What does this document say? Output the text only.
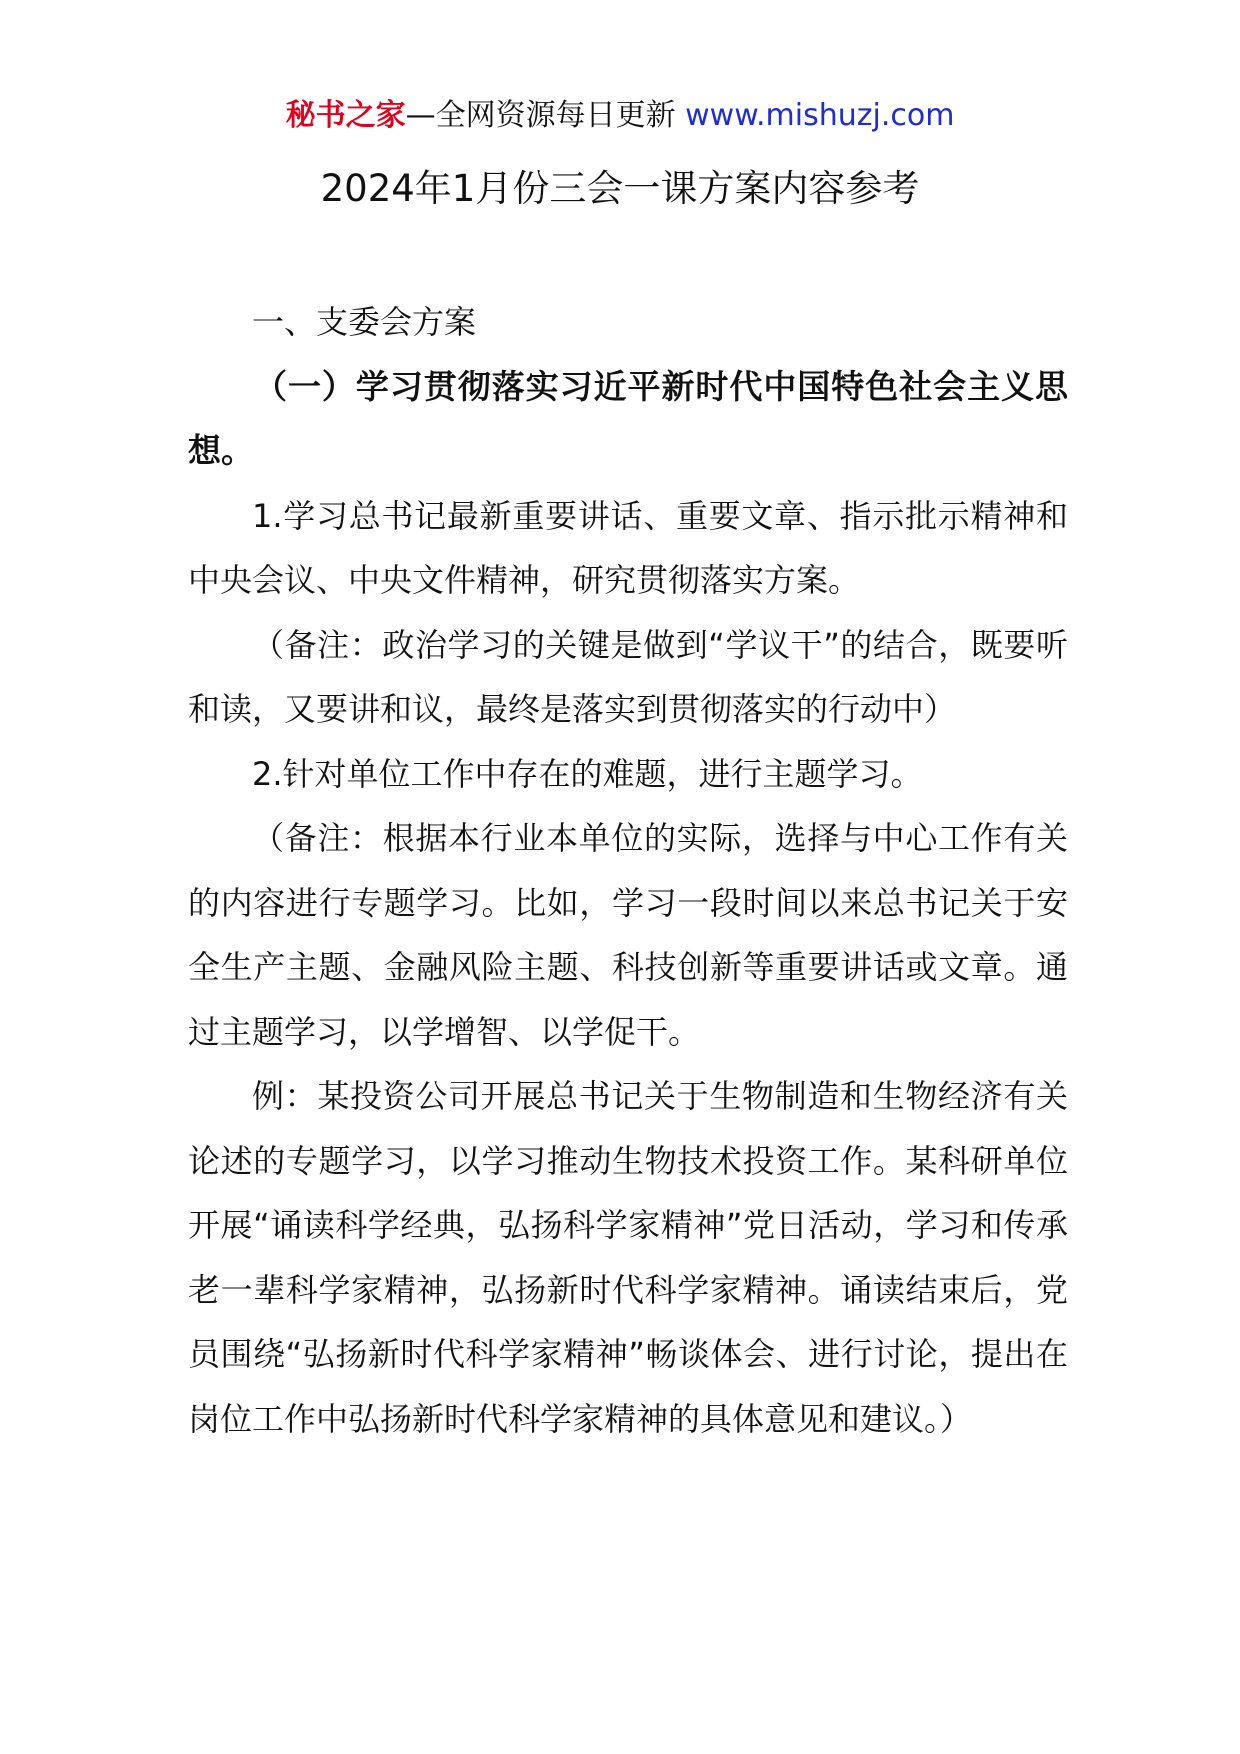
秘书之家—全网资源每日更新 www.mishuzj.com
2024年1月份三会一课方案内容参考

一、支委会方案

（一）学习贯彻落实习近平新时代中国特色社会主义思想。

1.学习总书记最新重要讲话、重要文章、指示批示精神和中央会议、中央文件精神，研究贯彻落实方案。

（备注：政治学习的关键是做到“学议干”的结合，既要听和读，又要讲和议，最终是落实到贯彻落实的行动中）

2.针对单位工作中存在的难题，进行主题学习。

（备注：根据本行业本单位的实际，选择与中心工作有关的内容进行专题学习。比如，学习一段时间以来总书记关于安全生产主题、金融风险主题、科技创新等重要讲话或文章。通过主题学习，以学增智、以学促干。

例：某投资公司开展总书记关于生物制造和生物经济有关论述的专题学习，以学习推动生物技术投资工作。某科研单位开展“诵读科学经典，弘扬科学家精神”党日活动，学习和传承老一辈科学家精神，弘扬新时代科学家精神。诵读结束后，党员围绕“弘扬新时代科学家精神”畅谈体会、进行讨论，提出在岗位工作中弘扬新时代科学家精神的具体意见和建议。）
